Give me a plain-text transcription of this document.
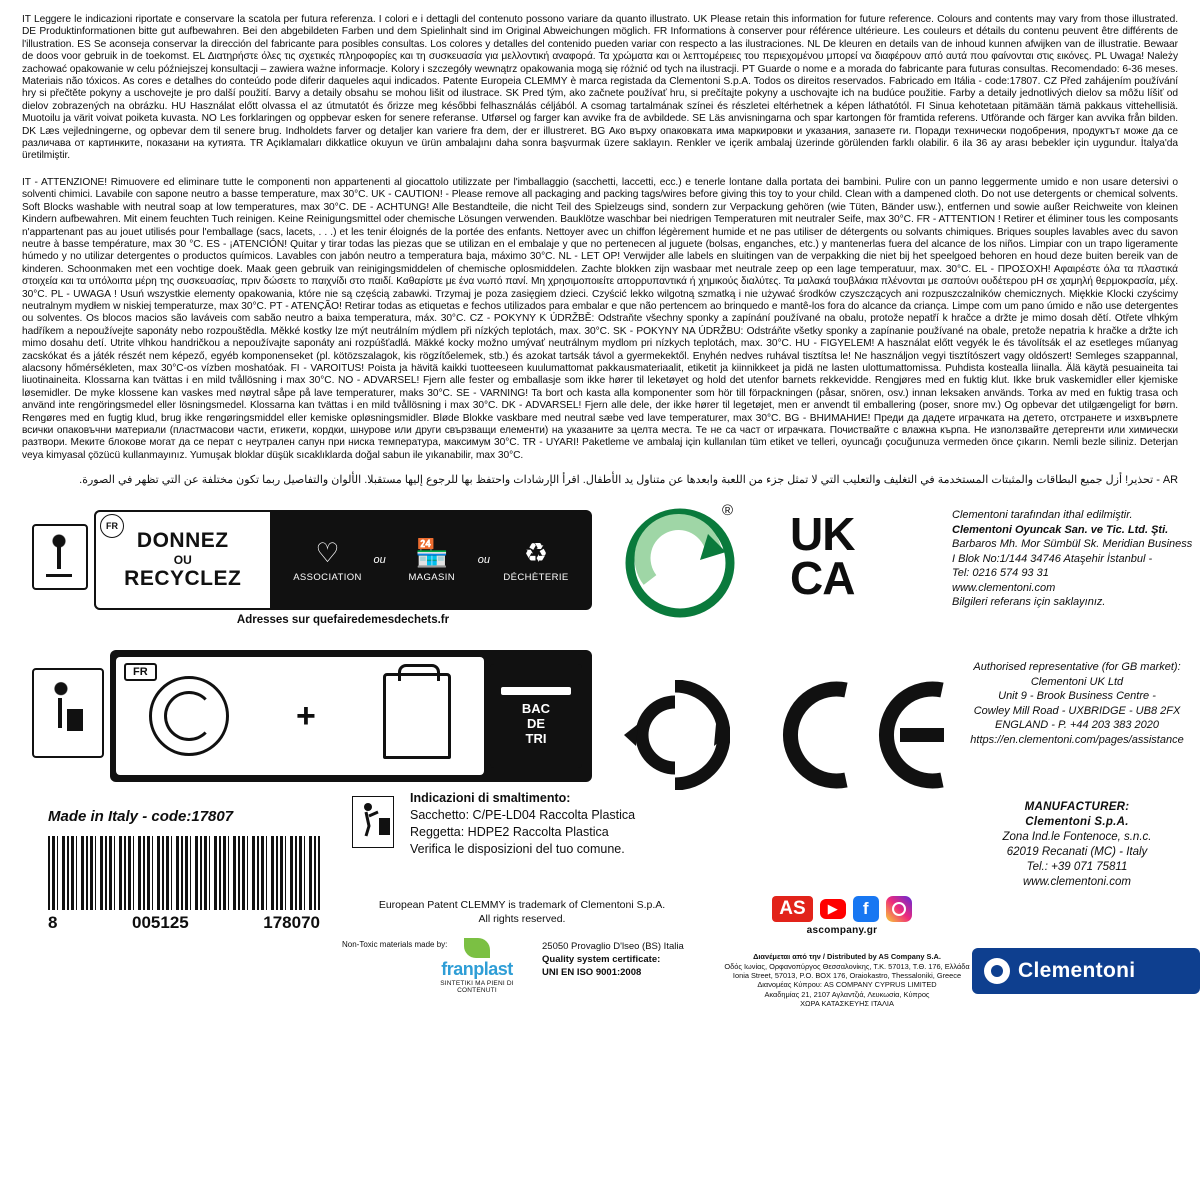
IT Leggere le indicazioni riportate e conservare la scatola per futura referenza. I colori e i dettagli del contenuto possono variare da quanto illustrato. UK Please retain this information for future reference. Colours and contents may vary from those illustrated. DE Produktinformationen bitte gut aufbewahren. Bei den abgebildeten Farben und dem Spielinhalt sind im Original Abweichungen möglich. FR Informations à conserver pour référence ultérieure. Les couleurs et détails du contenu peuvent être différents de l'illustration. ES Se aconseja conservar la dirección del fabricante para posibles consultas. Los colores y detalles del contenido pueden variar con respecto a las ilustraciones. NL De kleuren en details van de inhoud kunnen afwijken van de illustratie. Bewaar de doos voor gebruik in de toekomst. EL Διατηρήστε όλες τις σχετικές πληροφορίες και τη συσκευασία για μελλοντική αναφορά. Τα χρώματα και οι λεπτομέρειες του περιεχομένου μπορεί να διαφέρουν από αυτά που φαίνονται στις εικόνες. PL Uwaga! Należy zachować opakowanie w celu późniejszej konsultacji – zawiera ważne informacje. Kolory i szczegóły wewnątrz opakowania mogą się różnić od tych na ilustracji. PT Guarde o nome e a morada do fabricante para futuras consultas. Recomendado: 6-36 meses. Materiais não tóxicos. As cores e detalhes do conteúdo pode diferir daqueles aqui indicados. Patente Europeia CLEMMY è marca registada da Clementoni S.p.A. Todos os direitos reservados. Fabricado em Itália - code:17807. CZ Před zahájením používání hry si přečtěte pokyny a uschovejte je pro další použití. Barvy a detaily obsahu se mohou lišit od ilustrace. SK Pred tým, ako začnete používať hru, si prečítajte pokyny a uschovajte ich na budúce použitie. Farby a detaily jednotlivých dielov sa môžu líšiť od dielov zobrazených na obrázku. HU Használat előtt olvassa el az útmutatót és őrizze meg későbbi felhasználás céljából. A csomag tartalmának színei és részletei eltérhetnek a képen láthatótól. FI Sinua kehotetaan pitämään tämä pakkaus vittehellisiä. Muotoilu ja värit voivat poiketa kuvasta. NO Les forklaringen og oppbevar esken for senere referanse. Utførsel og farger kan avvike fra de avbildede. SE Läs anvisningarna och spar kartongen för framtida referens. Utförande och färger kan avvika från bilden. DK Læs vejledningerne, og opbevar dem til senere brug. Indholdets farver og detaljer kan variere fra dem, der er illustreret. BG Ако върху опаковката има маркировки и указания, запазете ги. Поради технически подобрения, продуктът може да се различава от картинките, показани на кутията. TR Açıklamaları dikkatlice okuyun ve ürün ambalajını daha sonra başvurmak üzere saklayın. Renkler ve içerik ambalaj üzerinde görülenden farklı olabilir. 6 ila 36 ay arası bebekler için uygundur. İtalya'da üretilmiştir.
IT - ATTENZIONE! Rimuovere ed eliminare tutte le componenti non appartenenti al giocattolo utilizzate per l'imballaggio (sacchetti, laccetti, ecc.) e tenerle lontane dalla portata dei bambini. Pulire con un panno leggermente umido e non usare detersivi o solventi chimici. Lavabile con sapone neutro a basse temperature, max 30°C. UK - CAUTION! - Please remove all packaging and packing tags/wires before giving this toy to your child. Clean with a dampened cloth. Do not use detergents or chemical solvents. Soft Blocks washable with neutral soap at low temperatures, max 30°C. DE - ACHTUNG! Alle Bestandteile, die nicht Teil des Spielzeugs sind, sondern zur Verpackung gehören (wie Tüten, Bänder usw.), entfernen und sowie außer Reichweite von kleinen Kindern aufbewahren. Mit einem feuchten Tuch reinigen. Keine Reinigungsmittel oder chemische Lösungen verwenden. Bauklötze waschbar bei niedrigen Temperaturen mit neutraler Seife, max 30°C. FR - ATTENTION ! Retirer et éliminer tous les composants n'appartenant pas au jouet utilisés pour l'emballage (sacs, lacets, . . .) et les tenir éloignés de la portée des enfants. Nettoyer avec un chiffon légèrement humide et ne pas utiliser de détergents ou solvants chimiques. Briques souples lavables avec du savon neutre à basse température, max 30 °C. ES - ¡ATENCIÓN! Quitar y tirar todas las piezas que se utilizan en el embalaje y que no pertenecen al juguete (bolsas, enganches, etc.) y mantenerlas fuera del alcance de los niños. Limpiar con un trapo ligeramente húmedo y no utilizar detergentes o productos químicos. Lavables con jabón neutro a temperatura baja, máximo 30°C. NL - LET OP! Verwijder alle labels en sluitingen van de verpakking die niet bij het speelgoed behoren en houd deze buiten bereik van de kinderen. Schoonmaken met een vochtige doek. Maak geen gebruik van reinigingsmiddelen of chemische oplosmiddelen. Zachte blokken zijn wasbaar met neutrale zeep op een lage temperatuur, max. 30°C. EL - ΠΡΟΣΟΧΗ! Αφαιρέστε όλα τα πλαστικά στοιχεία και τα υπόλοιπα μέρη της συσκευασίας, πριν δώσετε το παιχνίδι στο παιδί. Καθαρίστε με ένα νωπό πανί. Μη χρησιμοποιείτε απορρυπαντικά ή χημικούς διαλύτες. Τα μαλακά τουβλάκια πλένονται με σαπούνι ουδέτερου pH σε χαμηλή θερμοκρασία, μέχ. 30°C. PL - UWAGA ! Usuń wszystkie elementy opakowania, które nie są częścią zabawki. Trzymaj je poza zasięgiem dzieci. Czyścić lekko wilgotną szmatką i nie używać środków czyszczących ani rozpuszczalników chemicznych. Miękkie Klocki czyścimy neutralnym mydłem w niskiej temperaturze, max 30°C. PT - ATENÇÃO! Retirar todas as etiquetas e fechos utilizados para embalar e que não pertencem ao brinquedo e mantê-los fora do alcance da criança. Limpe com um pano úmido e não use detergentes ou solventes. Os blocos macios são laváveis com sabão neutro a baixa temperatura, máx. 30°C. CZ - POKYNY K ÚDRŽBĚ: Odstraňte všechny sponky a zapínání používané na obalu, protože nepatří k hračce a držte je mimo dosah dětí. Otřete vlhkým hadříkem a nepoužívejte saponáty nebo rozpouštědla. Měkké kostky lze mýt neutrálním mýdlem při nízkých teplotách, max. 30°C. SK - POKYNY NA ÚDRŽBU: Odstráňte všetky sponky a zapínanie používané na obale, pretože nepatria k hračke a držte ich mimo dosahu detí. Utrite vlhkou handričkou a nepoužívajte saponáty ani rozpúšťadlá. Mäkké kocky možno umývať neutrálnym mydlom pri nízkych teplotách, max. 30°C. HU - FIGYELEM! A használat előtt vegyék le és távolítsák el az esetleges műanyag zacskókat és a játék részét nem képező, egyéb komponenseket (pl. kötözszalagok, kis rögzítőelemek, stb.) és azokat tartsák távol a gyermekektől. Enyhén nedves ruhával tisztítsa le! Ne használjon vegyi tisztítószert vagy oldószert! Semleges szappannal, alacsony hőmérsékleten, max 30°C-os vízben moshatóak. FI - VAROITUS! Poista ja hävitä kaikki tuotteeseen kuulumattomat pakkausmateriaalit, etiketit ja kiinnikkeet ja pidä ne lasten ulottumattomissa. Puhdista kostealla liinalla. Älä käytä pesuaineita tai liuotinaineita. Klossarna kan tvättas i en mild tvållösning i max 30°C. NO - ADVARSEL! Fjern alle fester og emballasje som ikke hører til leketøyet og hold det utenfor barnets rekkevidde. Rengjøres med en fuktig klut. Ikke bruk vaskemidler eller kjemiske løsemidler. De myke klossene kan vaskes med nøytral såpe på lave temperaturer, maks 30°C. SE - VARNING! Ta bort och kasta alla komponenter som hör till förpackningen (påsar, snören, osv.) innan leksaken används. Torka av med en fuktig trasa och använd inte rengöringsmedel eller lösningsmedel. Klossarna kan tvättas i en mild tvållösning i max 30°C. DK - ADVARSEL! Fjern alle dele, der ikke hører til legetøjet, men er anvendt til emballering (poser, snore mv.) Og opbevar det utilgængeligt for børn. Rengøres med en fugtig klud, brug ikke rengøringsmiddel eller kemiske opløsningsmidler. Bløde Blokke vaskbare med neutral sæbe ved lave temperaturer, max 30°C. BG - ВНИМАНИЕ! Преди да дадете играчката на детето, отстранете и изхвърлете всички опаковъчни материали (пластмасови части, етикети, кордки, шнурове или други свързващи елементи) на указаните за целта места. Те не са част от играчката. Почиствайте с влажна кърпа. Не използвайте детергенти или химически разтвори. Меките блокове могат да се перат с неутрален сапун при ниска температура, максимум 30°C. TR - UYARI! Paketleme ve ambalaj için kullanılan tüm etiket ve telleri, oyuncağı çocuğunuza vermeden önce çıkarın. Nemli bezle siliniz. Deterjan veya kimyasal çözücü kullanmayınız. Yumuşak bloklar düşük sıcaklıklarda doğal sabun ile yıkanabilir, max 30°C.
AR - تحذير! أزل جميع البطاقات والمثبتات المستخدمة في التغليف والتعليب التي لا تمثل جزء من اللعبة وابعدها عن متناول يد الأطفال. اقرأ الإرشادات واحتفظ بها للرجوع إليها مستقبلا. الألوان والتفاصيل ربما تكون مختلفة عن التي تظهر في الصورة.
FR
DONNEZ
OU
RECYCLEZ
♡
ASSOCIATION
ou 🏪
MAGASIN
ou ♻
DÉCHÈTERIE
Adresses sur quefairedemesdechets.fr
FR
+	BAC
DE
TRI
® UK
CA
Clementoni tarafından ithal edilmiştir.
Clementoni Oyuncak San. ve Tic. Ltd. Şti.
Barbaros Mh. Mor Sümbül Sk. Meridian Business
I Blok No:1/144 34746 Ataşehir İstanbul -
Tel: 0216 574 93 31
www.clementoni.com
Bilgileri referans için saklayınız.
Authorised representative (for GB market):
Clementoni UK Ltd
Unit 9 - Brook Business Centre -
Cowley Mill Road - UXBRIDGE - UB8 2FX
ENGLAND - P. +44 203 383 2020
https://en.clementoni.com/pages/assistance
MANUFACTURER:
Clementoni S.p.A.
Zona Ind.le Fontenoce, s.n.c.
62019 Recanati (MC) - Italy
Tel.: +39 071 75811
www.clementoni.com
Made in Italy - code:17807
8	005125	178070
Indicazioni di smaltimento:
Sacchetto: C/PE-LD04 Raccolta Plastica
Reggetta: HDPE2 Raccolta Plastica
Verifica le disposizioni del tuo comune.
European Patent CLEMMY is trademark of Clementoni S.p.A.
All rights reserved.
Non-Toxic materials made by:
franplast
SINTETIKI MA PIENI DI CONTENUTI
25050 Provaglio D'lseo (BS) Italia
Quality system certificate:
UNI EN ISO 9001:2008
AS	▶	f
ascompany.gr
Διανέμεται από την / Distributed by AS Company S.A.
Οδός Ιωνίας, Ορφανοπύργος Θεσσαλονίκης, Τ.Κ. 57013, Τ.Θ. 176, Ελλάδα
Ionia Street, 57013, P.O. BOX 176, Oraiokastro, Thessaloniki, Greece
Διανομέας Κύπρου: AS COMPANY CYPRUS LIMITED
Ακαδημίας 21, 2107 Αγλαντζιά, Λευκωσία, Κύπρος
ΧΩΡΑ ΚΑΤΑΣΚΕΥΗΣ ΙΤΑΛΙΑ
Clementoni
